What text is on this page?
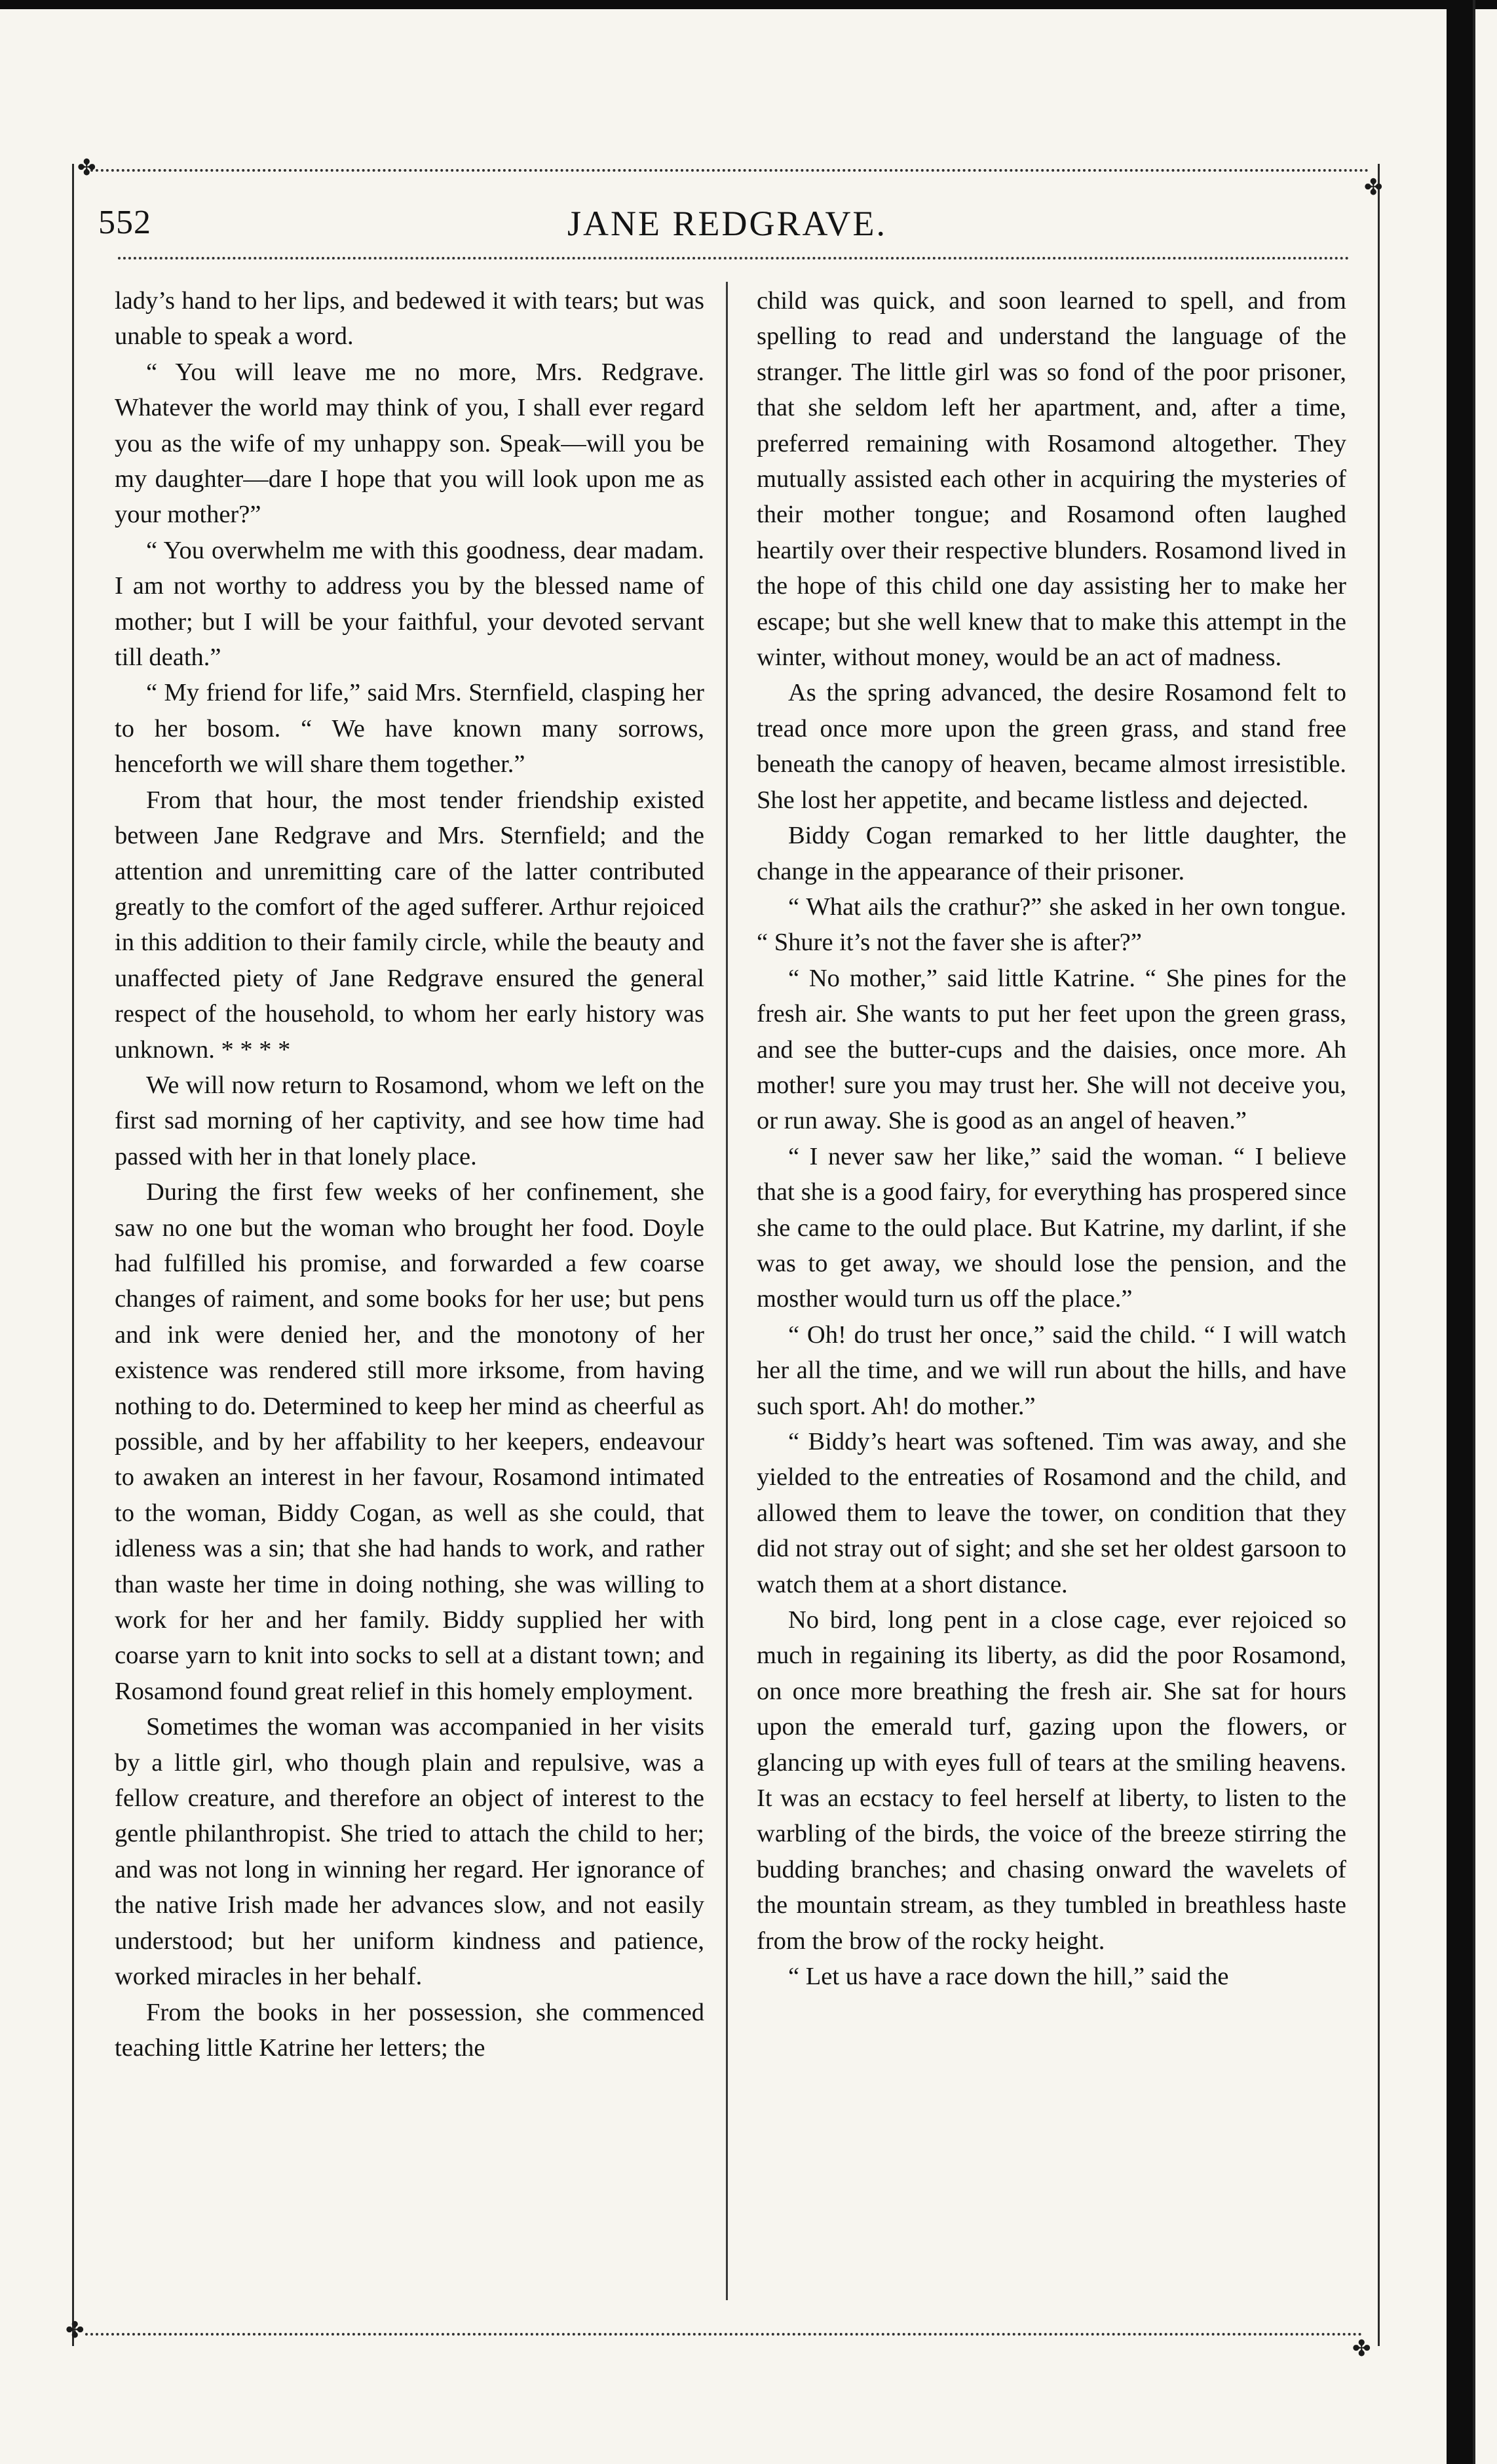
✤
✤
552	JANE REDGRAVE.

lady’s hand to her lips, and bedewed it with tears; but was unable to speak a word.

“ You will leave me no more, Mrs. Redgrave. Whatever the world may think of you, I shall ever regard you as the wife of my unhappy son. Speak—will you be my daughter—dare I hope that you will look upon me as your mother?”

“ You overwhelm me with this goodness, dear madam. I am not worthy to address you by the blessed name of mother; but I will be your faithful, your devoted servant till death.”

“ My friend for life,” said Mrs. Sternfield, clasping her to her bosom. “ We have known many sorrows, henceforth we will share them together.”

From that hour, the most tender friendship existed between Jane Redgrave and Mrs. Sternfield; and the attention and unremitting care of the latter contributed greatly to the comfort of the aged sufferer. Arthur rejoiced in this addition to their family circle, while the beauty and unaffected piety of Jane Redgrave ensured the general respect of the household, to whom her early history was unknown. * * * *

We will now return to Rosamond, whom we left on the first sad morning of her captivity, and see how time had passed with her in that lonely place.

During the first few weeks of her confinement, she saw no one but the woman who brought her food. Doyle had fulfilled his promise, and forwarded a few coarse changes of raiment, and some books for her use; but pens and ink were denied her, and the monotony of her existence was rendered still more irksome, from having nothing to do. Determined to keep her mind as cheerful as possible, and by her affability to her keepers, endeavour to awaken an interest in her favour, Rosamond intimated to the woman, Biddy Cogan, as well as she could, that idleness was a sin; that she had hands to work, and rather than waste her time in doing nothing, she was willing to work for her and her family. Biddy supplied her with coarse yarn to knit into socks to sell at a distant town; and Rosamond found great relief in this homely employment.

Sometimes the woman was accompanied in her visits by a little girl, who though plain and repulsive, was a fellow creature, and therefore an object of interest to the gentle philanthropist. She tried to attach the child to her; and was not long in winning her regard. Her ignorance of the native Irish made her advances slow, and not easily understood; but her uniform kindness and patience, worked miracles in her behalf.

From the books in her possession, she commenced teaching little Katrine her letters; the

child was quick, and soon learned to spell, and from spelling to read and understand the language of the stranger. The little girl was so fond of the poor prisoner, that she seldom left her apartment, and, after a time, preferred remaining with Rosamond altogether. They mutually assisted each other in acquiring the mysteries of their mother tongue; and Rosamond often laughed heartily over their respective blunders. Rosamond lived in the hope of this child one day assisting her to make her escape; but she well knew that to make this attempt in the winter, without money, would be an act of madness.

As the spring advanced, the desire Rosamond felt to tread once more upon the green grass, and stand free beneath the canopy of heaven, became almost irresistible. She lost her appetite, and became listless and dejected.

Biddy Cogan remarked to her little daughter, the change in the appearance of their prisoner.

“ What ails the crathur?” she asked in her own tongue. “ Shure it’s not the faver she is after?”

“ No mother,” said little Katrine. “ She pines for the fresh air. She wants to put her feet upon the green grass, and see the butter-cups and the daisies, once more. Ah mother! sure you may trust her. She will not deceive you, or run away. She is good as an angel of heaven.”

“ I never saw her like,” said the woman. “ I believe that she is a good fairy, for everything has prospered since she came to the ould place. But Katrine, my darlint, if she was to get away, we should lose the pension, and the mosther would turn us off the place.”

“ Oh! do trust her once,” said the child. “ I will watch her all the time, and we will run about the hills, and have such sport. Ah! do mother.”

“ Biddy’s heart was softened. Tim was away, and she yielded to the entreaties of Rosamond and the child, and allowed them to leave the tower, on condition that they did not stray out of sight; and she set her oldest garsoon to watch them at a short distance.

No bird, long pent in a close cage, ever rejoiced so much in regaining its liberty, as did the poor Rosamond, on once more breathing the fresh air. She sat for hours upon the emerald turf, gazing upon the flowers, or glancing up with eyes full of tears at the smiling heavens. It was an ecstacy to feel herself at liberty, to listen to the warbling of the birds, the voice of the breeze stirring the budding branches; and chasing onward the wavelets of the mountain stream, as they tumbled in breathless haste from the brow of the rocky height.

“ Let us have a race down the hill,” said the

✤
✤
